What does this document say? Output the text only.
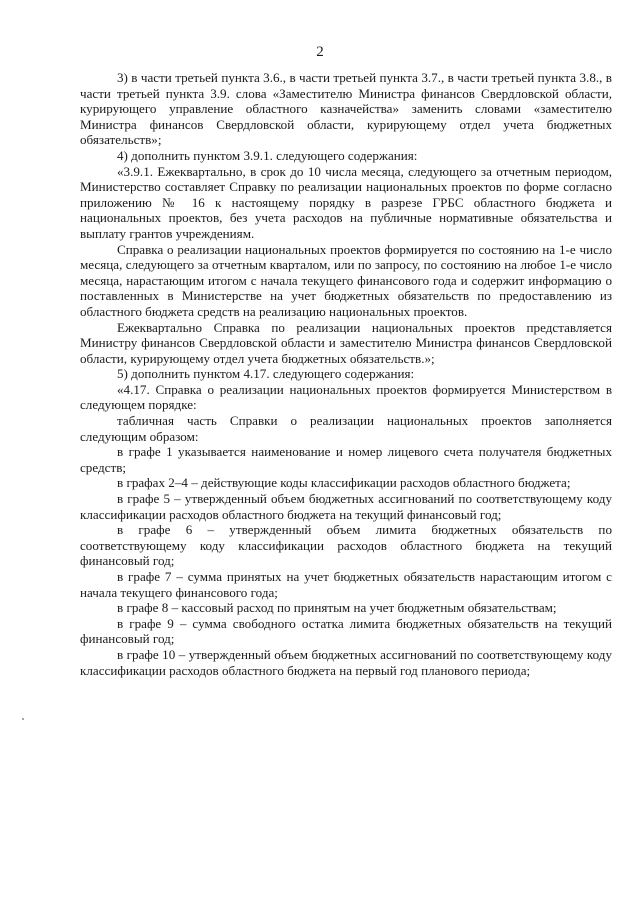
2

3) в части третьей пункта 3.6., в части третьей пункта 3.7., в части третьей пункта 3.8., в части третьей пункта 3.9. слова «Заместителю Министра финансов Свердловской области, курирующего управление областного казначейства» заменить словами «заместителю Министра финансов Свердловской области, курирующему отдел учета бюджетных обязательств»;

4) дополнить пунктом 3.9.1. следующего содержания:

«3.9.1. Ежеквартально, в срок до 10 числа месяца, следующего за отчетным периодом, Министерство составляет Справку по реализации национальных проектов по форме согласно приложению № 16 к настоящему порядку в разрезе ГРБС областного бюджета и национальных проектов, без учета расходов на публичные нормативные обязательства и выплату грантов учреждениям.

Справка о реализации национальных проектов формируется по состоянию на 1-е число месяца, следующего за отчетным кварталом, или по запросу, по состоянию на любое 1-е число месяца, нарастающим итогом с начала текущего финансового года и содержит информацию о поставленных в Министерстве на учет бюджетных обязательств по предоставлению из областного бюджета средств на реализацию национальных проектов.

Ежеквартально Справка по реализации национальных проектов представляется Министру финансов Свердловской области и заместителю Министра финансов Свердловской области, курирующему отдел учета бюджетных обязательств.»;

5) дополнить пунктом 4.17. следующего содержания:

«4.17. Справка о реализации национальных проектов формируется Министерством в следующем порядке:

табличная часть Справки о реализации национальных проектов заполняется следующим образом:

в графе 1 указывается наименование и номер лицевого счета получателя бюджетных средств;

в графах 2–4 – действующие коды классификации расходов областного бюджета;

в графе 5 – утвержденный объем бюджетных ассигнований по соответствующему коду классификации расходов областного бюджета на текущий финансовый год;

в графе 6 – утвержденный объем лимита бюджетных обязательств по соответствующему коду классификации расходов областного бюджета на текущий финансовый год;

в графе 7 – сумма принятых на учет бюджетных обязательств нарастающим итогом с начала текущего финансового года;

в графе 8 – кассовый расход по принятым на учет бюджетным обязательствам;

в графе 9 – сумма свободного остатка лимита бюджетных обязательств на текущий финансовый год;

в графе 10 – утвержденный объем бюджетных ассигнований по соответствующему коду классификации расходов областного бюджета на первый год планового периода;
